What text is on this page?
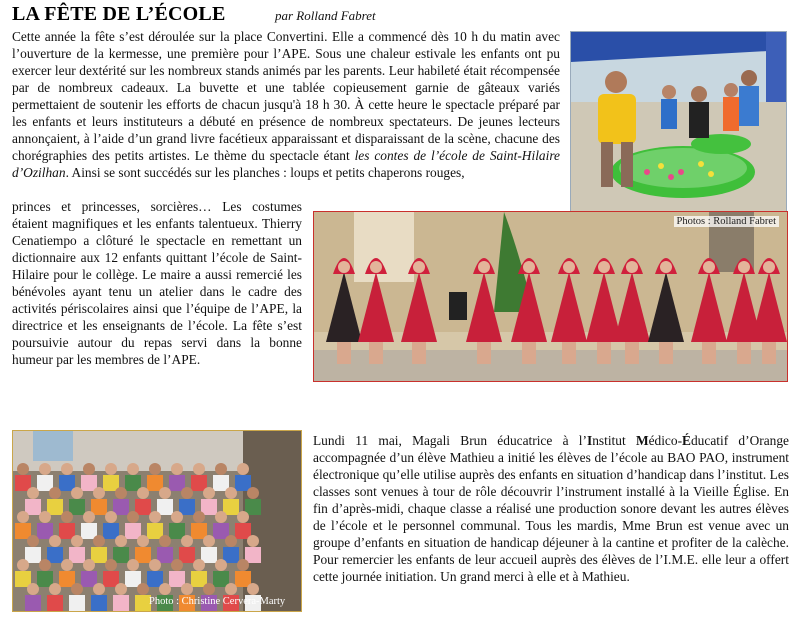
LA FÊTE DE L’ÉCOLE	par Rolland Fabret

Cette année la fête s’est déroulée sur la place Convertini. Elle a commencé dès 10 h du matin avec l’ouverture de la kermesse, une première pour l’APE. Sous une chaleur estivale les enfants ont pu exercer leur dextérité sur les nombreux stands animés par les parents. Leur habileté était récompensée par de nombreux cadeaux. La buvette et une tablée copieusement garnie de gâteaux variés permettaient de soutenir les efforts de chacun jusqu'à 18 h 30. À cette heure le spectacle préparé par les enfants et leurs instituteurs a débuté en présence de nombreux spectateurs. De jeunes lecteurs annonçaient, à l’aide d’un grand livre facétieux apparaissant et disparaissant de la scène, chacune des chorégraphies des petits artistes. Le thème du spectacle étant les contes de l’école de Saint-Hilaire d’Ozilhan. Ainsi se sont succédés sur les planches : loups et petits chaperons rouges,

princes et princesses, sorcières… Les costumes étaient magnifiques et les enfants talentueux. Thierry Cenatiempo a clôturé le spectacle en remettant un dictionnaire aux 12 enfants quittant l’école de Saint-Hilaire pour le collège. Le maire a aussi remercié les bénévoles ayant tenu un atelier dans le cadre des activités périscolaires ainsi que l’équipe de l’APE, la directrice et les enseignants de l’école. La fête s’est poursuivie autour du repas servi dans la bonne humeur par les membres de l’APE.

Photos : Rolland Fabret
Photo : Christine Cervera-Marty

Lundi 11 mai, Magali Brun éducatrice à l’Institut Médico-Éducatif d’Orange accompagnée d’un élève Mathieu a initié les élèves de l’école au BAO PAO, instrument électronique qu’elle utilise auprès des enfants en situation d’handicap dans l’institut. Les classes sont venues à tour de rôle découvrir l’instrument installé à la Vieille Église. En fin d’après-midi, chaque classe a réalisé une production sonore devant les autres élèves de l’école et le personnel communal. Tous les mardis, Mme Brun est venue avec un groupe d’enfants en situation de handicap déjeuner à la cantine et profiter de la calèche. Pour remercier les enfants de leur accueil auprès des élèves de l’I.M.E. elle leur a offert cette journée initiation. Un grand merci à elle et à Mathieu.
